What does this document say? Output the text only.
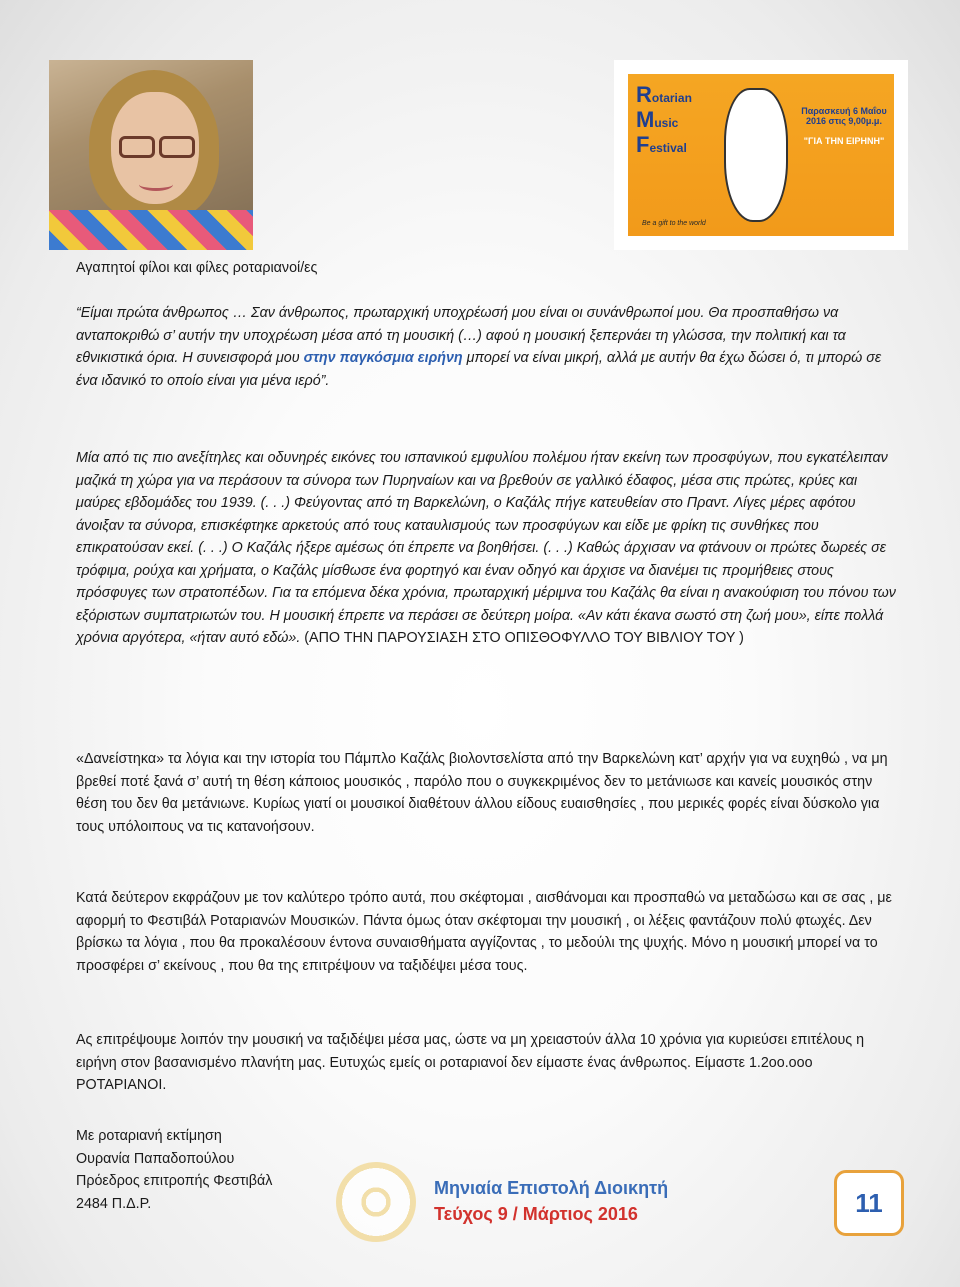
Rotarian
Music
Festival
Παρασκευή 6 Μαΐου 2016 στις 9,00μ.μ.
"ΓΙΑ ΤΗΝ ΕΙΡΗΝΗ"
Be a gift to the world

Αγαπητοί φίλοι και φίλες ροταριανοί/ες

“Είμαι πρώτα άνθρωπος … Σαν άνθρωπος, πρωταρχική υποχρέωσή μου είναι οι συνάνθρωποί μου. Θα προσπαθήσω να ανταποκριθώ σ’ αυτήν την υποχρέωση μέσα από τη μουσική (…) αφού η μουσική ξεπερνάει τη γλώσσα, την πολιτική και τα εθνικιστικά όρια. Η συνεισφορά μου στην παγκόσμια ειρήνη μπορεί να είναι μικρή, αλλά με αυτήν θα έχω δώσει ό, τι μπορώ σε ένα ιδανικό το οποίο είναι για μένα ιερό”.

Μία από τις πιο ανεξίτηλες και οδυνηρές εικόνες του ισπανικού εμφυλίου πολέμου ήταν εκείνη των προσφύγων, που εγκατέλειπαν μαζικά τη χώρα για να περάσουν τα σύνορα των Πυρηναίων και να βρεθούν σε γαλλικό έδαφος, μέσα στις πρώτες, κρύες και μαύρες εβδομάδες του 1939. (. . .) Φεύγοντας από τη Βαρκελώνη, ο Καζάλς πήγε κατευθείαν στο Πραντ. Λίγες μέρες αφότου άνοιξαν τα σύνορα, επισκέφτηκε αρκετούς από τους καταυλισμούς των προσφύγων και είδε με φρίκη τις συνθήκες που επικρατούσαν εκεί. (. . .) Ο Καζάλς ήξερε αμέσως ότι έπρεπε να βοηθήσει. (. . .) Καθώς άρχισαν να φτάνουν οι πρώτες δωρεές σε τρόφιμα, ρούχα και χρήματα, ο Καζάλς μίσθωσε ένα φορτηγό και έναν οδηγό και άρχισε να διανέμει τις προμήθειες στους πρόσφυγες των στρατοπέδων. Για τα επόμενα δέκα χρόνια, πρωταρχική μέριμνα του Καζάλς θα είναι η ανακούφιση του πόνου των εξόριστων συμπατριωτών του. Η μουσική έπρεπε να περάσει σε δεύτερη μοίρα. «Αν κάτι έκανα σωστό στη ζωή μου», είπε πολλά χρόνια αργότερα, «ήταν αυτό εδώ». (ΑΠΟ ΤΗΝ ΠΑΡΟΥΣΙΑΣΗ ΣΤΟ ΟΠΙΣΘΟΦΥΛΛΟ ΤΟΥ ΒΙΒΛΙΟΥ ΤΟΥ )

«Δανείστηκα» τα λόγια και την ιστορία του Πάμπλο Καζάλς βιολοντσελίστα από την Βαρκελώνη κατ’ αρχήν για να ευχηθώ , να μη βρεθεί ποτέ ξανά σ’ αυτή τη θέση κάποιος μουσικός , παρόλο που ο συγκεκριμένος δεν το μετάνιωσε και κανείς μουσικός στην θέση του δεν θα μετάνιωνε. Κυρίως γιατί οι μουσικοί διαθέτουν άλλου είδους ευαισθησίες , που μερικές φορές είναι δύσκολο για τους υπόλοιπους να τις κατανοήσουν.

Κατά δεύτερον εκφράζουν με τον καλύτερο τρόπο αυτά, που σκέφτομαι , αισθάνομαι και προσπαθώ να μεταδώσω και σε σας , με αφορμή το Φεστιβάλ Ροταριανών Μουσικών. Πάντα όμως όταν σκέφτομαι την μουσική , οι λέξεις φαντάζουν πολύ φτωχές. Δεν βρίσκω τα λόγια , που θα προκαλέσουν έντονα συναισθήματα αγγίζοντας , το μεδούλι της ψυχής. Μόνο η μουσική μπορεί να το προσφέρει σ’ εκείνους , που θα της επιτρέψουν να ταξιδέψει μέσα τους.

Ας επιτρέψουμε λοιπόν την μουσική να ταξιδέψει μέσα μας, ώστε να μη χρειαστούν άλλα 10 χρόνια για κυριεύσει επιτέλους η ειρήνη στον βασανισμένο πλανήτη μας. Ευτυχώς εμείς οι ροταριανοί δεν είμαστε ένας άνθρωπος. Είμαστε 1.2οο.οοο ΡΟΤΑΡΙΑΝΟΙ.

Με ροταριανή εκτίμηση

Ουρανία Παπαδοπούλου

Πρόεδρος επιτροπής Φεστιβάλ

2484 Π.Δ.Ρ.

Μηνιαία Επιστολή Διοικητή
Τεύχος 9 / Μάρτιος 2016	11
